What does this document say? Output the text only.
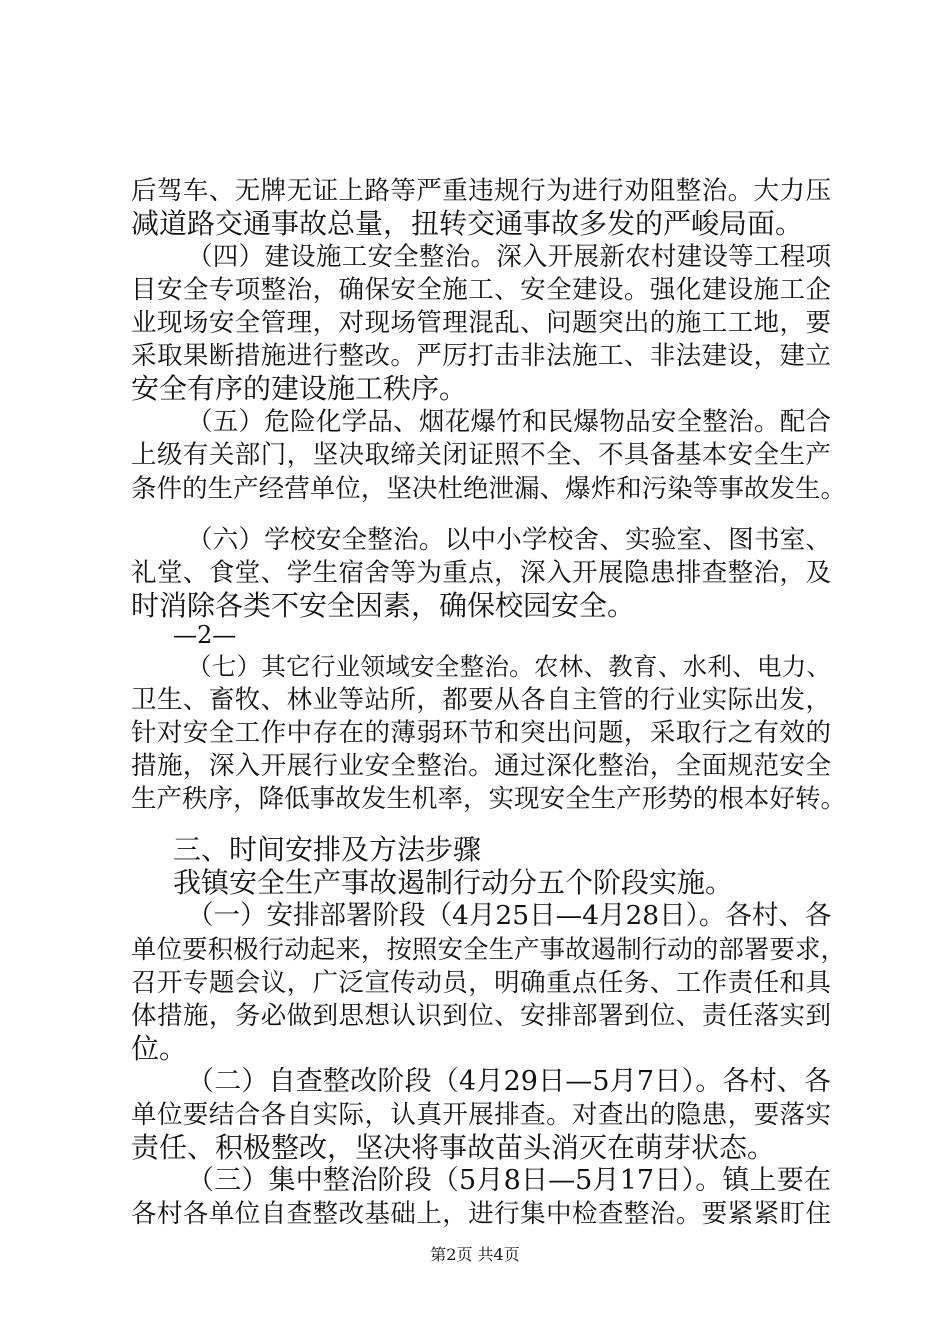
后驾车、无牌无证上路等严重违规行为进行劝阻整治。大力压
减道路交通事故总量，扭转交通事故多发的严峻局面。
（四）建设施工安全整治。深入开展新农村建设等工程项
目安全专项整治，确保安全施工、安全建设。强化建设施工企
业现场安全管理，对现场管理混乱、问题突出的施工工地，要
采取果断措施进行整改。严厉打击非法施工、非法建设，建立
安全有序的建设施工秩序。
（五）危险化学品、烟花爆竹和民爆物品安全整治。配合
上级有关部门，坚决取缔关闭证照不全、不具备基本安全生产
条件的生产经营单位，坚决杜绝泄漏、爆炸和污染等事故发生。
（六）学校安全整治。以中小学校舍、实验室、图书室、
礼堂、食堂、学生宿舍等为重点，深入开展隐患排查整治，及
时消除各类不安全因素，确保校园安全。
—2—
（七）其它行业领域安全整治。农林、教育、水利、电力、
卫生、畜牧、林业等站所，都要从各自主管的行业实际出发，
针对安全工作中存在的薄弱环节和突出问题，采取行之有效的
措施，深入开展行业安全整治。通过深化整治，全面规范安全
生产秩序，降低事故发生机率，实现安全生产形势的根本好转。
三、时间安排及方法步骤
我镇安全生产事故遏制行动分五个阶段实施。
（一）安排部署阶段（4月25日—4月28日）。各村、各
单位要积极行动起来，按照安全生产事故遏制行动的部署要求，
召开专题会议，广泛宣传动员，明确重点任务、工作责任和具
体措施，务必做到思想认识到位、安排部署到位、责任落实到
位。
（二）自查整改阶段（4月29日—5月7日）。各村、各
单位要结合各自实际，认真开展排查。对查出的隐患，要落实
责任、积极整改，坚决将事故苗头消灭在萌芽状态。
（三）集中整治阶段（5月8日—5月17日）。镇上要在
各村各单位自查整改基础上，进行集中检查整治。要紧紧盯住
第2页 共4页
